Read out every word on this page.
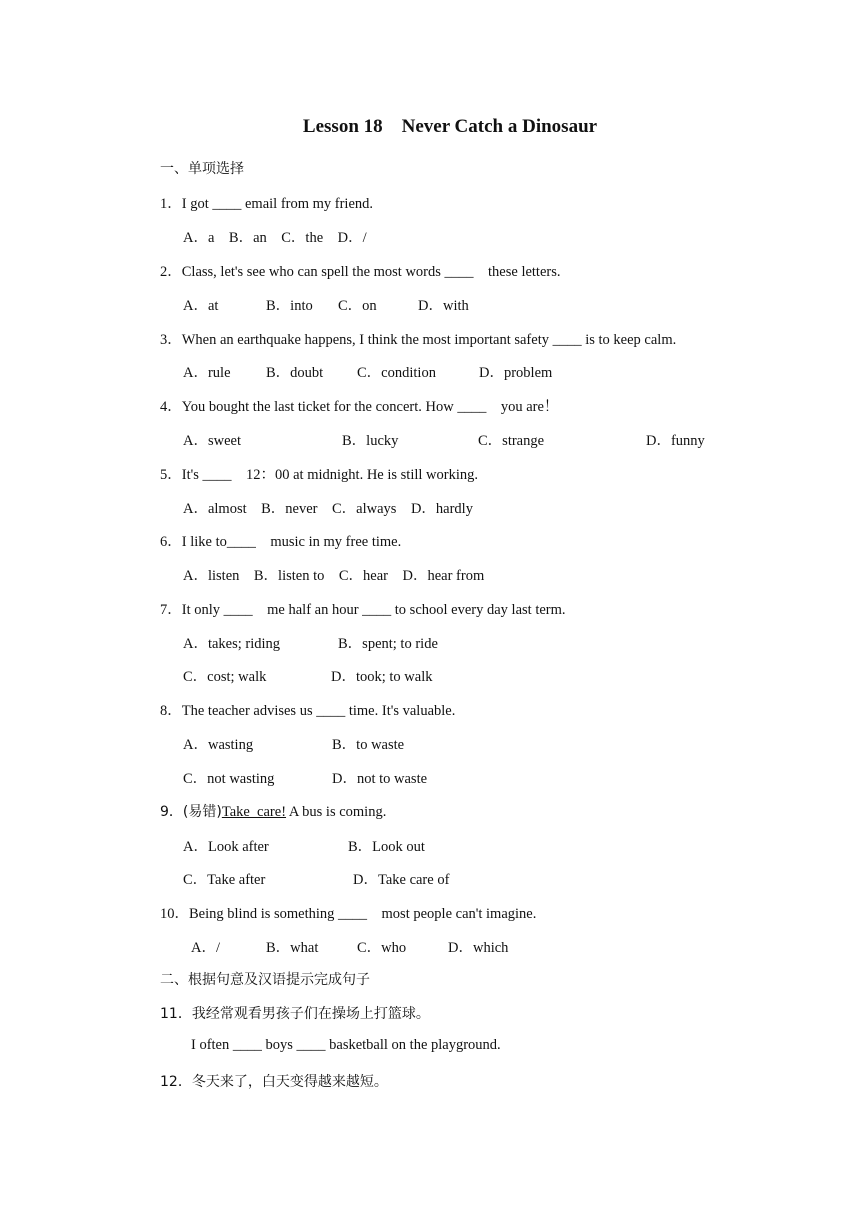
Lesson 18    Never Catch a Dinosaur
一、单项选择
1．I got ____ email from my friend.
A．a    B．an    C．the    D．/
2．Class, let's see who can spell the most words ____    these letters.
A．at	B．into C．on	D．with
3．When an earthquake happens, I think the most important safety ____ is to keep calm.
A．rule B．doubt C．condition	D．problem
4．You bought the last ticket for the concert. How ____    you are！
A．sweet	B．lucky	C．strange	D．funny
5．It's ____    12：00 at midnight. He is still working.
A．almost    B．never    C．always    D．hardly
6．I like to____    music in my free time.
A．listen    B．listen to    C．hear    D．hear from
7．It only ____    me half an hour ____ to school every day last term.
A．takes; riding	B．spent; to ride
C．cost; walk	D．took; to walk
8．The teacher advises us ____ time. It's valuable.
A．wasting	B．to waste
C．not wasting	D．not to waste
9．(易错)Take  care! A bus is coming.
A．Look after	B．Look out
C．Take after	D．Take care of
10．Being blind is something ____    most people can't imagine.
A．/	B．what	C．who	D．which
二、根据句意及汉语提示完成句子
11．我经常观看男孩子们在操场上打篮球。
I often ____ boys ____ basketball on the playground.
12．冬天来了，白天变得越来越短。
